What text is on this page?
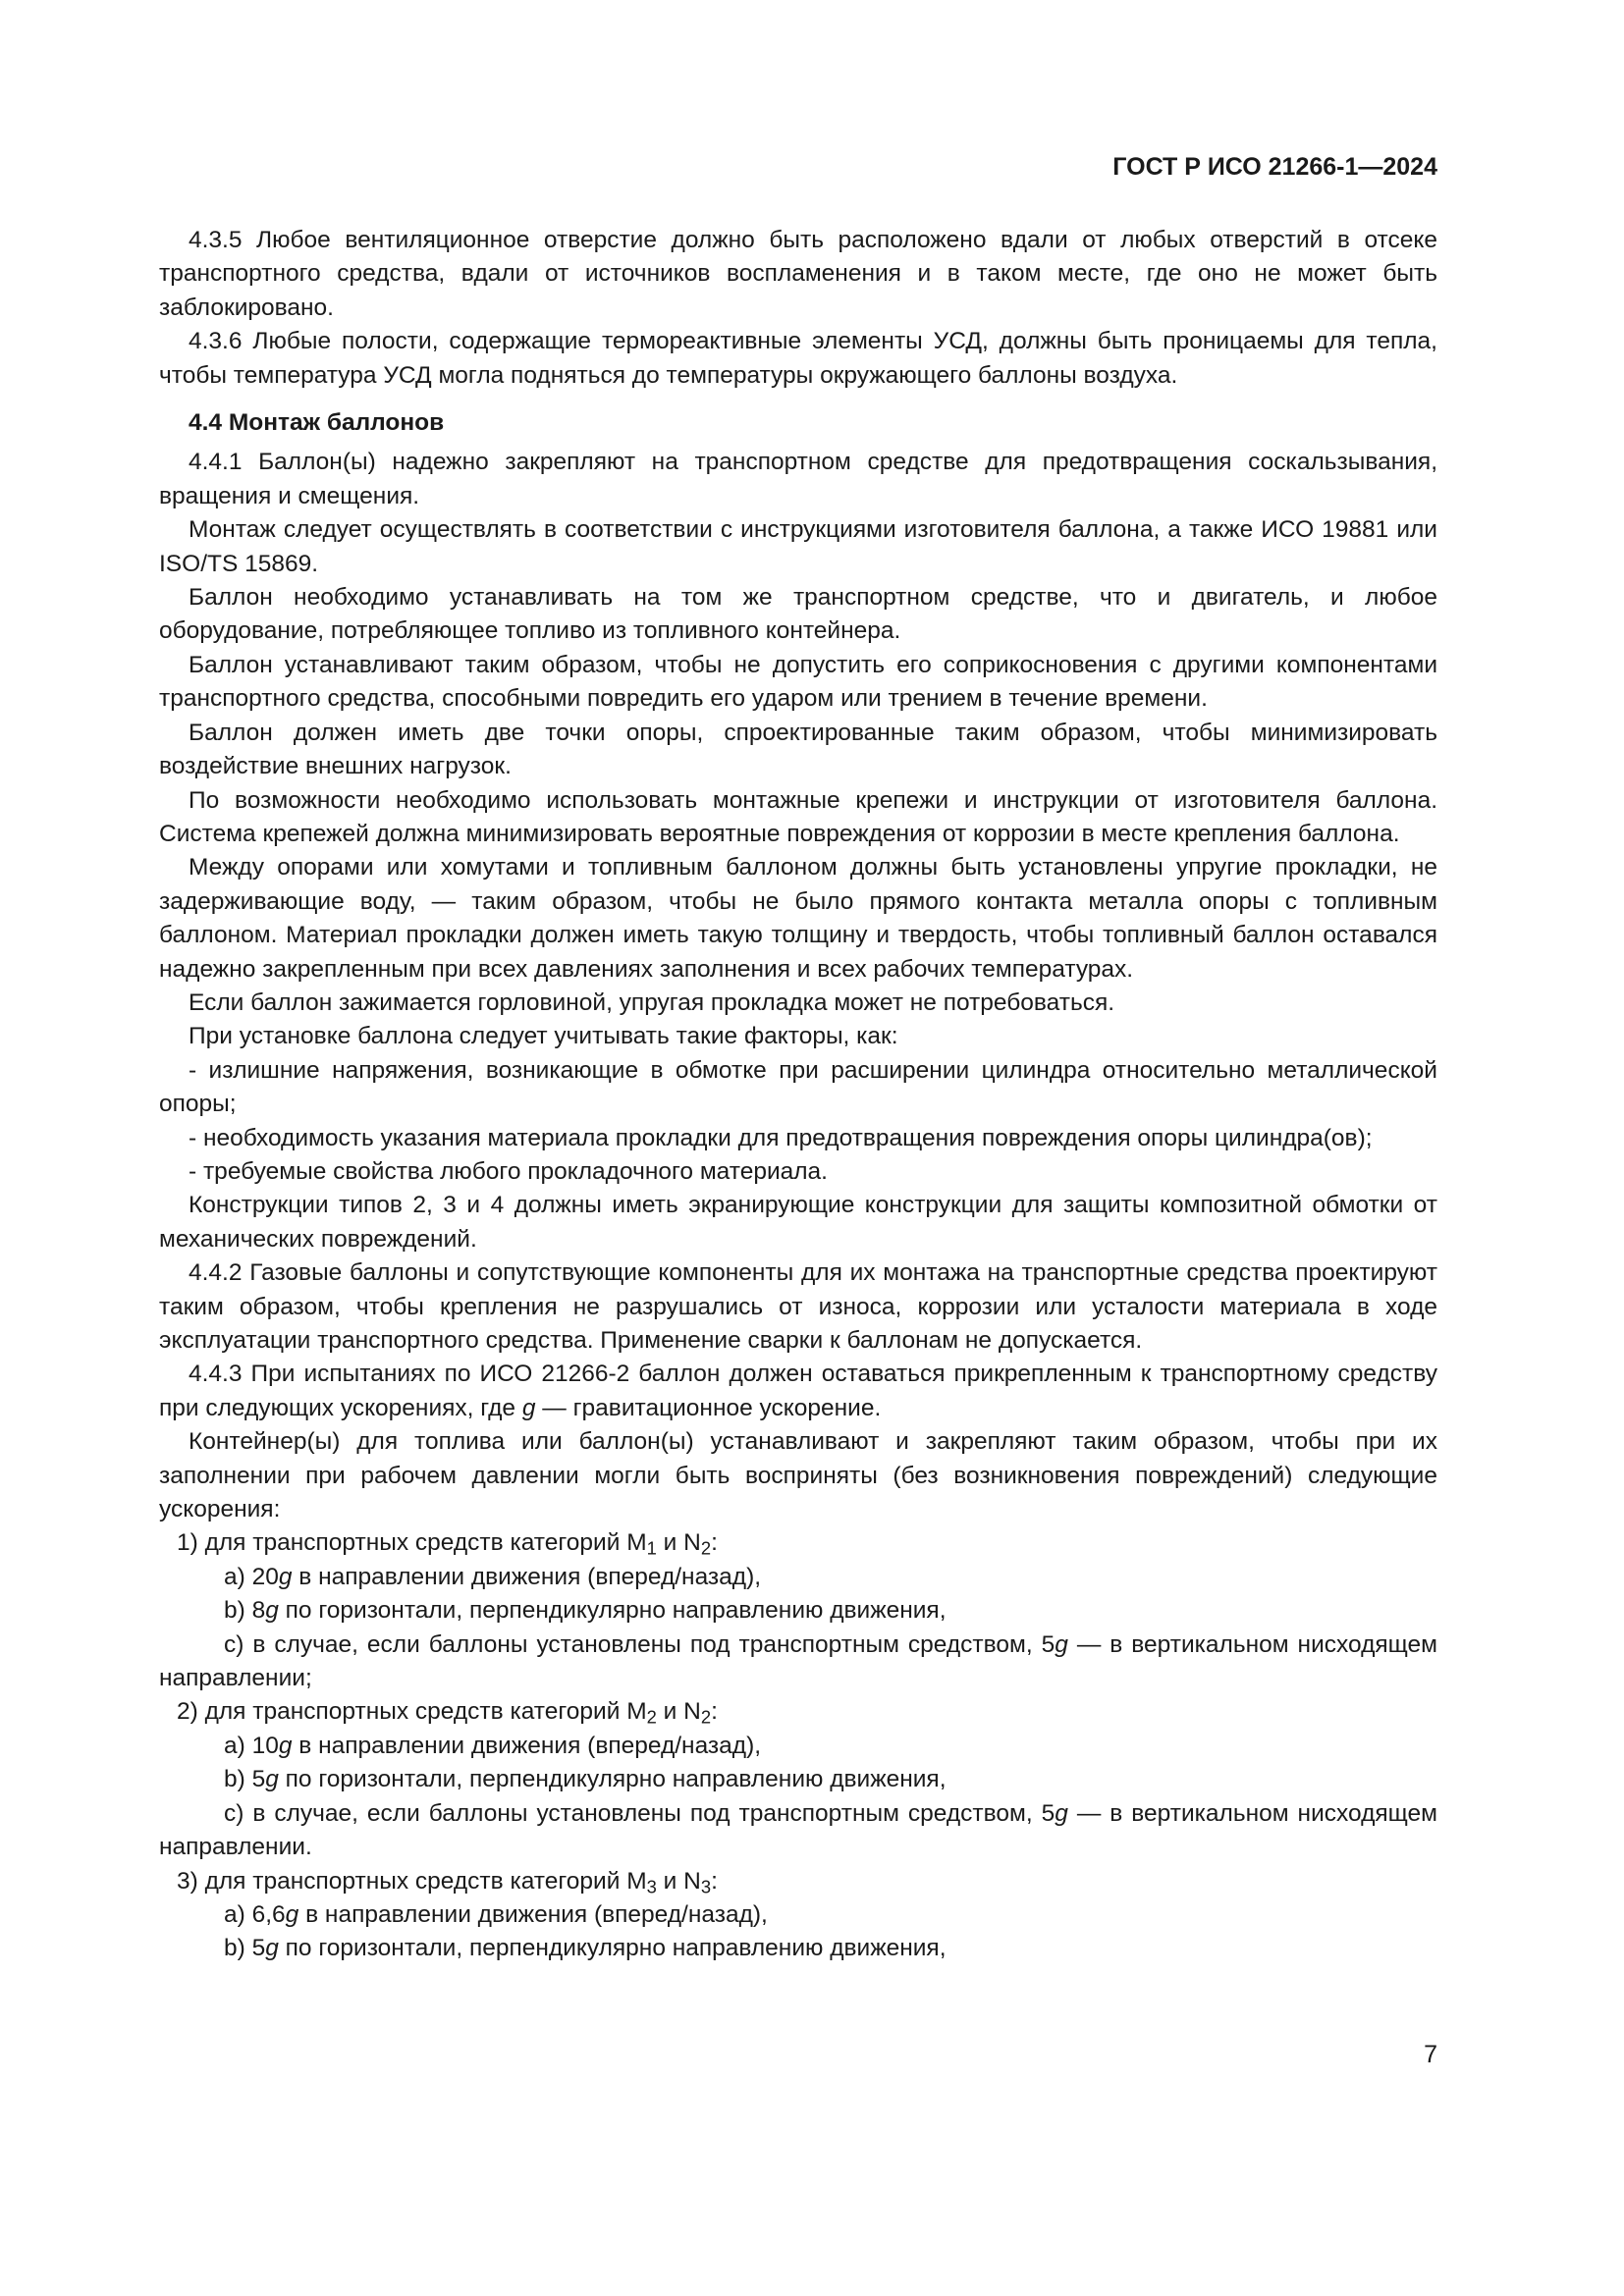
ГОСТ Р ИСО 21266-1—2024

4.3.5 Любое вентиляционное отверстие должно быть расположено вдали от любых отверстий в отсеке транспортного средства, вдали от источников воспламенения и в таком месте, где оно не может быть заблокировано.

4.3.6 Любые полости, содержащие термореактивные элементы УСД, должны быть проницаемы для тепла, чтобы температура УСД могла подняться до температуры окружающего баллоны воздуха.

4.4 Монтаж баллонов

4.4.1 Баллон(ы) надежно закрепляют на транспортном средстве для предотвращения соскальзывания, вращения и смещения.

Монтаж следует осуществлять в соответствии с инструкциями изготовителя баллона, а также ИСО 19881 или ISO/TS 15869.

Баллон необходимо устанавливать на том же транспортном средстве, что и двигатель, и любое оборудование, потребляющее топливо из топливного контейнера.

Баллон устанавливают таким образом, чтобы не допустить его соприкосновения с другими компонентами транспортного средства, способными повредить его ударом или трением в течение времени.

Баллон должен иметь две точки опоры, спроектированные таким образом, чтобы минимизировать воздействие внешних нагрузок.

По возможности необходимо использовать монтажные крепежи и инструкции от изготовителя баллона. Система крепежей должна минимизировать вероятные повреждения от коррозии в месте крепления баллона.

Между опорами или хомутами и топливным баллоном должны быть установлены упругие прокладки, не задерживающие воду, — таким образом, чтобы не было прямого контакта металла опоры с топливным баллоном. Материал прокладки должен иметь такую толщину и твердость, чтобы топливный баллон оставался надежно закрепленным при всех давлениях заполнения и всех рабочих температурах.

Если баллон зажимается горловиной, упругая прокладка может не потребоваться.

При установке баллона следует учитывать такие факторы, как:

- излишние напряжения, возникающие в обмотке при расширении цилиндра относительно металлической опоры;

- необходимость указания материала прокладки для предотвращения повреждения опоры цилиндра(ов);

- требуемые свойства любого прокладочного материала.

Конструкции типов 2, 3 и 4 должны иметь экранирующие конструкции для защиты композитной обмотки от механических повреждений.

4.4.2 Газовые баллоны и сопутствующие компоненты для их монтажа на транспортные средства проектируют таким образом, чтобы крепления не разрушались от износа, коррозии или усталости материала в ходе эксплуатации транспортного средства. Применение сварки к баллонам не допускается.

4.4.3 При испытаниях по ИСО 21266-2 баллон должен оставаться прикрепленным к транспортному средству при следующих ускорениях, где g — гравитационное ускорение.

Контейнер(ы) для топлива или баллон(ы) устанавливают и закрепляют таким образом, чтобы при их заполнении при рабочем давлении могли быть восприняты (без возникновения повреждений) следующие ускорения:

1) для транспортных средств категорий $M_1$ и $N_2$:

a) 20g в направлении движения (вперед/назад),

b) 8g по горизонтали, перпендикулярно направлению движения,

c) в случае, если баллоны установлены под транспортным средством, 5g — в вертикальном нисходящем направлении;

2) для транспортных средств категорий $M_2$ и $N_2$:

a) 10g в направлении движения (вперед/назад),

b) 5g по горизонтали, перпендикулярно направлению движения,

c) в случае, если баллоны установлены под транспортным средством, 5g — в вертикальном нисходящем направлении.

3) для транспортных средств категорий $M_3$ и $N_3$:

a) 6,6g в направлении движения (вперед/назад),

b) 5g по горизонтали, перпендикулярно направлению движения,

7
